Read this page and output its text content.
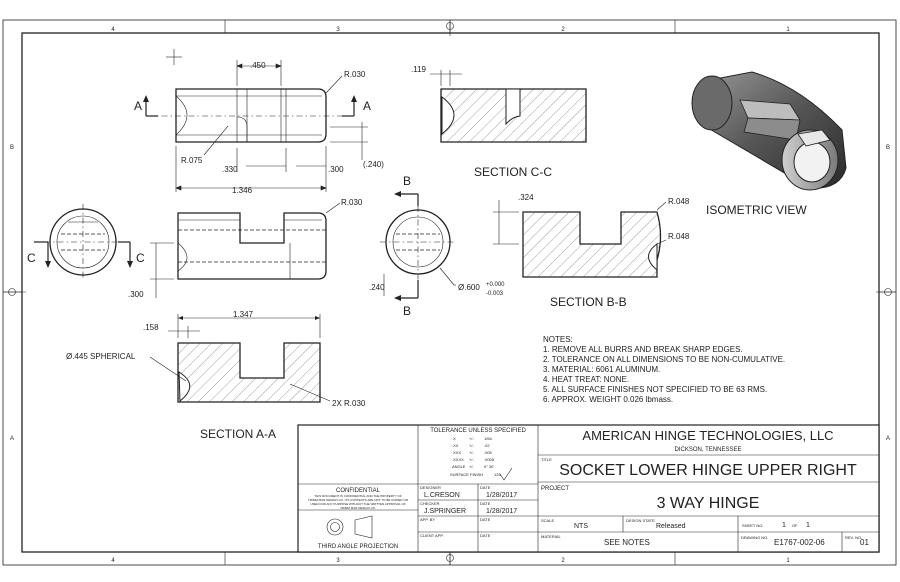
4	3	2	1
4	3	2	1
B
A
B
A
A	A
.450
R.030
R.075
.330	.300
(.240)
1.346
.119
SECTION C-C
ISOMETRIC VIEW
C	C
R.030
.300
B
B
.240	Ø.600 +0.000
-0.003
.324	R.048
R.048
SECTION B-B
.158
1.347
Ø.445 SPHERICAL
2X R.030
SECTION A-A
NOTES:
1. REMOVE ALL BURRS AND BREAK SHARP EDGES.
2. TOLERANCE ON ALL DIMENSIONS TO BE NON-CUMULATIVE.
3. MATERIAL: 6061 ALUMINUM.
4. HEAT TREAT: NONE.
5. ALL SURFACE FINISHES NOT SPECIFIED TO BE 63 RMS.
6. APPROX. WEIGHT 0.026 lbmass.
TOLERANCE UNLESS SPECIFIED
.X	+/-	1/64
.XX	+/-	.02
.XXX +/-	.005
.XXXX +/-	.0005
ANGLE +/-	0° 30'
SURFACE FINISH	125
AMERICAN HINGE TECHNOLOGIES, LLC
DICKSON, TENNESSEE
TITLE
SOCKET LOWER HINGE UPPER RIGHT
PROJECT
3 WAY HINGE
CONFIDENTIAL
THIS DOCUMENT IS CONFIDENTIAL AND THE PROPERTY OF
TRIMM MAR DESIGN CO. ITS CONTENTS ARE NOT TO BE COPIED OR
USED FOR ANY PURPOSE WITHOUT THE WRITTEN APPROVAL OF
TRIMM MAR DESIGN CO.
THIRD ANGLE PROJECTION
DESIGNER
L.CRESON
DATE
1/28/2017
CHECKER
J.SPRINGER
DATE
1/28/2017
APP. BY	DATE
CLIENT APP.	DATE
SCALE
NTS
DESIGN STATE
Released	SHEET NO.	1 OF 1
MATERIAL
SEE NOTES
DRAWING NO.
E1767-002-06
REV. NO.
01
